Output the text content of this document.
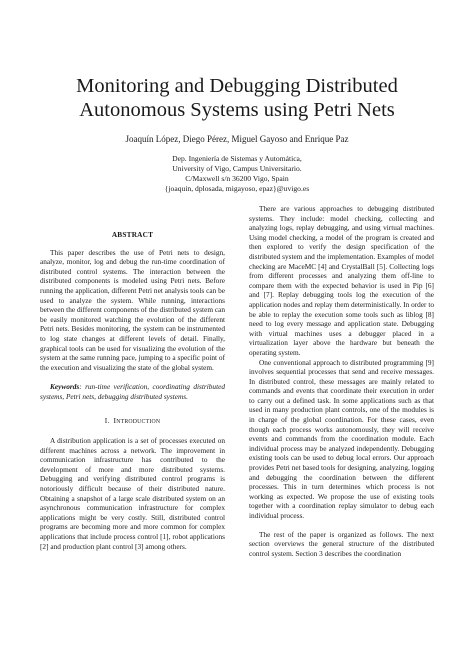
Monitoring and Debugging Distributed
Autonomous Systems using Petri Nets
Joaquín López, Diego Pérez, Miguel Gayoso and Enrique Paz
Dep. Ingeniería de Sistemas y Automática,
University of Vigo, Campus Universitario.
C/Maxwell s/n 36200 Vigo, Spain
{joaquin, dplosada, migayoso, epaz}@uvigo.es
ABSTRACT

This paper describes the use of Petri nets to design, analyze, monitor, log and debug the run-time coordination of distributed control systems. The interaction between the distributed components is modeled using Petri nets. Before running the application, different Petri net analysis tools can be used to analyze the system. While running, interactions between the different components of the distributed system can be easily monitored watching the evolution of the different Petri nets. Besides monitoring, the system can be instrumented to log state changes at different levels of detail. Finally, graphical tools can be used for visualizing the evolution of the system at the same running pace, jumping to a specific point of the execution and visualizing the state of the global system.

Keywords: run-time verification, coordinating distributed systems, Petri nets, debugging distributed systems.

I. INTRODUCTION

A distribution application is a set of processes executed on different machines across a network. The improvement in communication infrastructure has contributed to the development of more and more distributed systems. Debugging and verifying distributed control programs is notoriously difficult because of their distributed nature. Obtaining a snapshot of a large scale distributed system on an asynchronous communication infrastructure for complex applications might be very costly. Still, distributed control programs are becoming more and more common for complex applications that include process control [1], robot applications [2] and production plant control [3] among others.

There are various approaches to debugging distributed systems. They include: model checking, collecting and analyzing logs, replay debugging, and using virtual machines. Using model checking, a model of the program is created and then explored to verify the design specification of the distributed system and the implementation. Examples of model checking are MaceMC [4] and CrystalBall [5]. Collecting logs from different processes and analyzing them off-line to compare them with the expected behavior is used in Pip [6] and [7]. Replay debugging tools log the execution of the application nodes and replay them deterministically. In order to be able to replay the execution some tools such as liblog [8] need to log every message and application state. Debugging with virtual machines uses a debugger placed in a virtualization layer above the hardware but beneath the operating system.

One conventional approach to distributed programming [9] involves sequential processes that send and receive messages. In distributed control, these messages are mainly related to commands and events that coordinate their execution in order to carry out a defined task. In some applications such as that used in many production plant controls, one of the modules is in charge of the global coordination. For these cases, even though each process works autonomously, they will receive events and commands from the coordination module. Each individual process may be analyzed independently. Debugging existing tools can be used to debug local errors. Our approach provides Petri net based tools for designing, analyzing, logging and debugging the coordination between the different processes. This in turn determines which process is not working as expected. We propose the use of existing tools together with a coordination replay simulator to debug each individual process.

The rest of the paper is organized as follows. The next section overviews the general structure of the distributed control system. Section 3 describes the coordination
